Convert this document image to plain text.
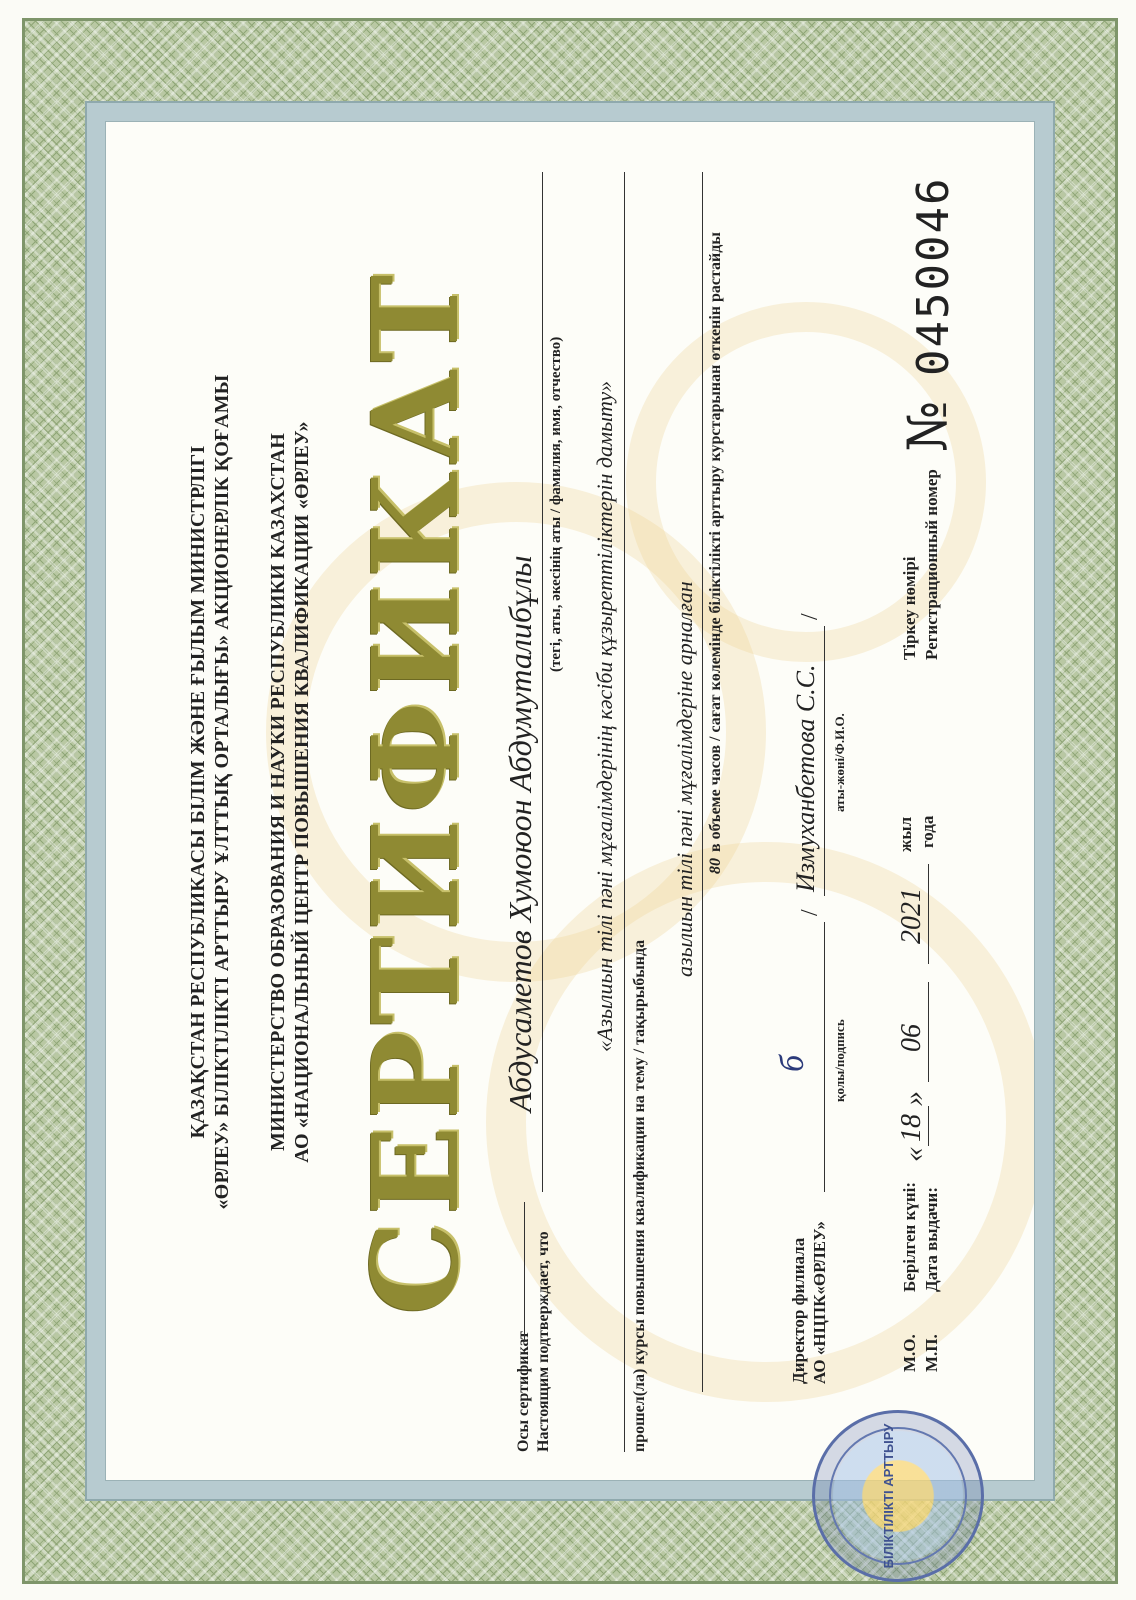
ҚАЗАҚСТАН РЕСПУБЛИКАСЫ БІЛІМ ЖӘНЕ ҒЫЛЫМ МИНИСТРЛІГІ «ӨРЛЕУ» БІЛІКТІЛІКТІ АРТТЫРУ ҰЛТТЫҚ ОРТАЛЫҒЫ» АКЦИОНЕРЛІК ҚОҒАМЫ МИНИСТЕРСТВО ОБРАЗОВАНИЯ И НАУКИ РЕСПУБЛИКИ КАЗАХСТАН АО «НАЦИОНАЛЬНЫЙ ЦЕНТР ПОВЫШЕНИЯ КВАЛИФИКАЦИИ «ӨРЛЕУ» СЕРТИФИКАТ
Осы сертификат Настоящим подтверждает, что
Абдусаметов Хумоюон Абдумуталибұлы
(тегі, аты, әкесінің аты / фамилия, имя, отчество) «Азылиын тілі пәні мұғалімдерінің кәсіби құзыреттіліктерін дамыту»
прошел(ла) курсы повышения квалификации на тему / тақырыбында
азылиын тілі пәні мұғалімдеріне арналған 80
в объеме часов / сағат көлемінде біліктілікті арттыру курстарынан өткенін растайды
Директор филиала АО «НЦПК«ӨРЛЕУ»
б қолы/подпись
/
Измуханбетова С.С.
/
аты-жөні/Ф.И.О.
М.О. М.П.
Берілген күні: Дата выдачи:
«
18
»
06
2021
жыл года
Тіркеу нөмірі Регистрационный номер
№
0450046
БІЛІКТІЛІКТІ АРТТЫРУ
